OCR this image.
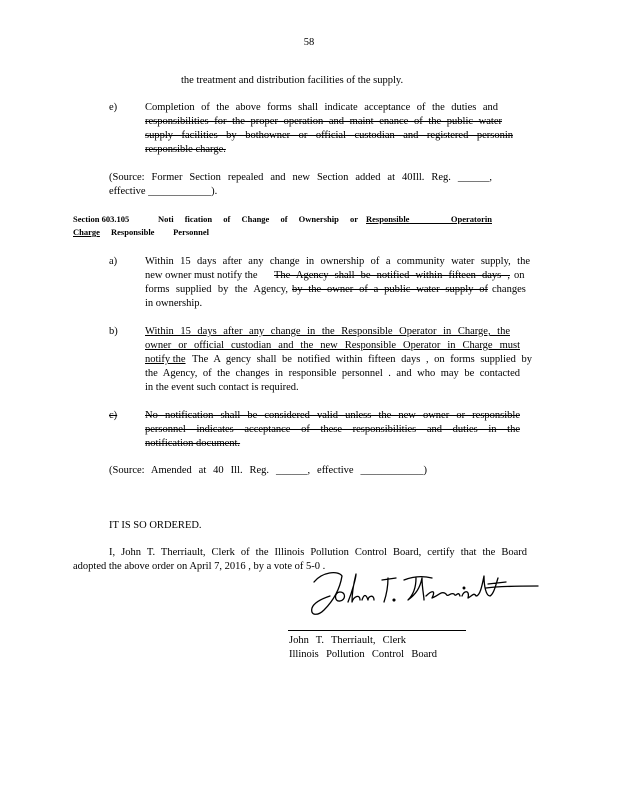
58
the treatment and distribution facilities of the supply.
e)	Completion of the above forms shall indicate acceptance of the duties and
responsibilities for the proper operation and maint enance of the public water
supply facilities by bothowner or official custodian and registered personin
responsible charge.
(Source: Former Section repealed and new Section added at 40Ill. Reg. ______,
effective ____________).
Section 603.105	Noti fication of Change of Ownership or Responsible Operatorin
Charge	Responsible Personnel
a)	Within 15 days after any change in ownership of a community water supply, the
new owner must notify the The Agency shall be notified within fifteen days , on
forms supplied by the Agency, by the owner of a public water supply of changes
in ownership.
b)	Within 15 days after any change in the Responsible Operator in Charge, the
owner or official custodian and the new Responsible Operator in Charge must
notify the The A gency shall be notified within fifteen days , on forms supplied by
the Agency, of the changes in responsible personnel . and who may be contacted
in the event such contact is required.
c)	No notification shall be considered valid unless the new owner or responsible
personnel indicates acceptance of these responsibilities and duties in the
notification document.
(Source: Amended at 40 Ill. Reg. ______, effective ____________)
IT IS SO ORDERED.
I, John T. Therriault, Clerk of the Illinois Pollution Control Board, certify that the Board
adopted the above order on April 7, 2016 , by a vote of 5-0 .
John T. Therriault, Clerk
Illinois Pollution Control Board
